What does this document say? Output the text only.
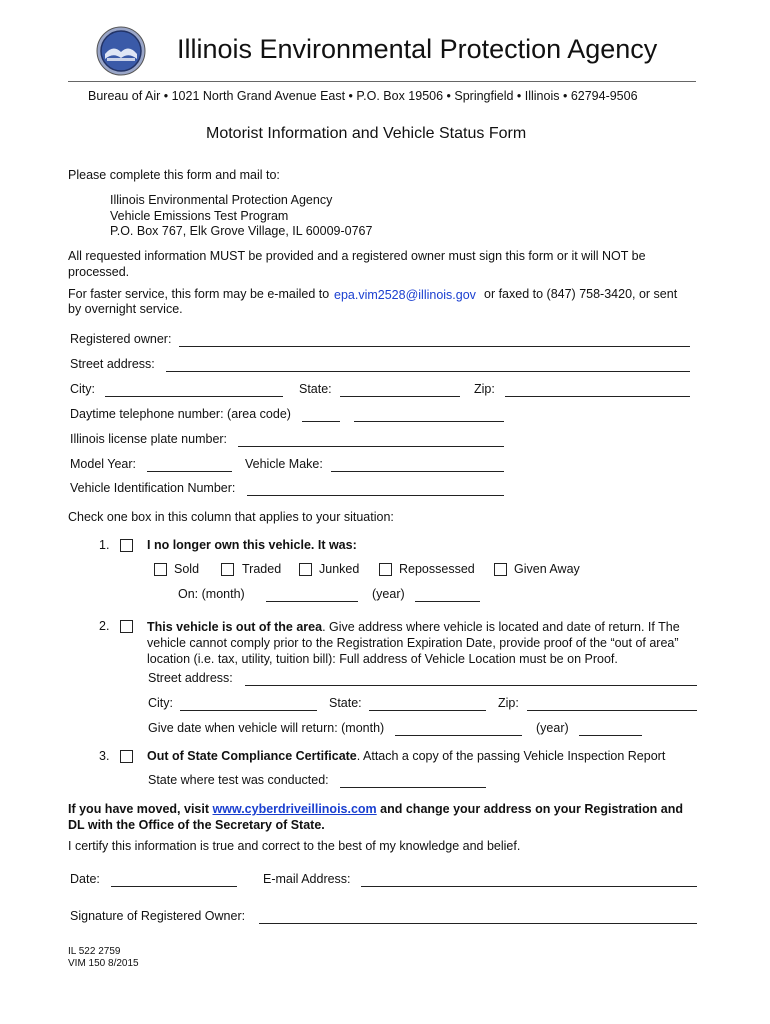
Illinois Environmental Protection Agency
Bureau of Air • 1021 North Grand Avenue East • P.O. Box 19506 • Springfield • Illinois • 62794-9506
Motorist Information and Vehicle Status Form
Please complete this form and mail to:
Illinois Environmental Protection Agency
Vehicle Emissions Test Program
P.O. Box 767, Elk Grove Village, IL 60009-0767
All requested information MUST be provided and a registered owner must sign this form or it will NOT be
processed.
For faster service, this form may be e-mailed to epa.vim2528@illinois.gov or faxed to (847) 758-3420, or sent
by overnight service.
Registered owner:
Street address:
City:	State:	Zip:
Daytime telephone number: (area code)
Illinois license plate number:
Model Year:	Vehicle Make:
Vehicle Identification Number:
Check one box in this column that applies to your situation:
1.	I no longer own this vehicle. It was:
Sold	Traded	Junked	Repossessed	Given Away
On: (month)	(year)
2.	This vehicle is out of the area. Give address where vehicle is located and date of return. If The
vehicle cannot comply prior to the Registration Expiration Date, provide proof of the “out of area”
location (i.e. tax, utility, tuition bill): Full address of Vehicle Location must be on Proof.
Street address:
City:	State:	Zip:
Give date when vehicle will return: (month)	(year)
3.	Out of State Compliance Certificate. Attach a copy of the passing Vehicle Inspection Report
State where test was conducted:
If you have moved, visit www.cyberdriveillinois.com and change your address on your Registration and
DL with the Office of the Secretary of State.
I certify this information is true and correct to the best of my knowledge and belief.
Date:	E-mail Address:
Signature of Registered Owner:
IL 522 2759
VIM 150 8/2015
